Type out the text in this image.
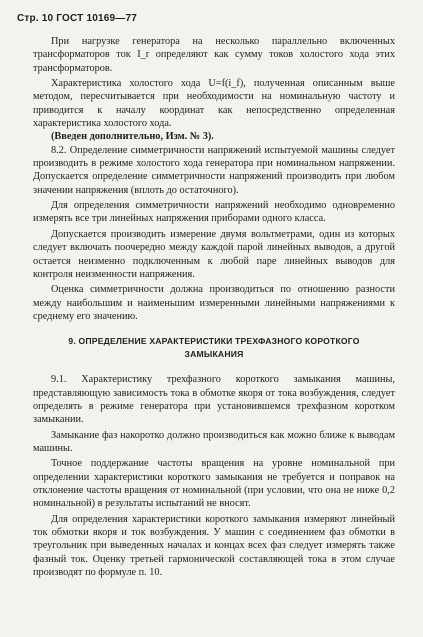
Стр. 10 ГОСТ 10169—77

При нагрузке генератора на несколько параллельно включенных трансформаторов ток I_r определяют как сумму токов холостого хода этих трансформаторов.

Характеристика холостого хода U=f(i_f), полученная описанным выше методом, пересчитывается при необходимости на номинальную частоту и приводится к началу координат как непосредственно определенная характеристика холостого хода.

(Введен дополнительно, Изм. № 3).

8.2. Определение симметричности напряжений испытуемой машины следует производить в режиме холостого хода генератора при номинальном напряжении. Допускается определение симметричности напряжений производить при любом значении напряжения (вплоть до остаточного).

Для определения симметричности напряжений необходимо одновременно измерять все три линейных напряжения приборами одного класса.

Допускается производить измерение двумя вольтметрами, один из которых следует включать поочередно между каждой парой линейных выводов, а другой остается неизменно подключенным к любой паре линейных выводов для контроля неизменности напряжения.

Оценка симметричности должна производиться по отношению разности между наибольшим и наименьшим измеренными линейными напряжениями к среднему его значению.

9. ОПРЕДЕЛЕНИЕ ХАРАКТЕРИСТИКИ ТРЕХФАЗНОГО КОРОТКОГО ЗАМЫКАНИЯ

9.1. Характеристику трехфазного короткого замыкания машины, представляющую зависимость тока в обмотке якоря от тока возбуждения, следует определять в режиме генератора при установившемся трехфазном коротком замыкании.

Замыкание фаз накоротко должно производиться как можно ближе к выводам машины.

Точное поддержание частоты вращения на уровне номинальной при определении характеристики короткого замыкания не требуется и поправок на отклонение частоты вращения от номинальной (при условии, что она не ниже 0,2 номинальной) в результаты испытаний не вносят.

Для определения характеристики короткого замыкания измеряют линейный ток обмотки якоря и ток возбуждения. У машин с соединением фаз обмотки в треугольник при выведенных началах и концах всех фаз следует измерять также фазный ток. Оценку третьей гармонической составляющей тока в этом случае производят по формуле п. 10.
